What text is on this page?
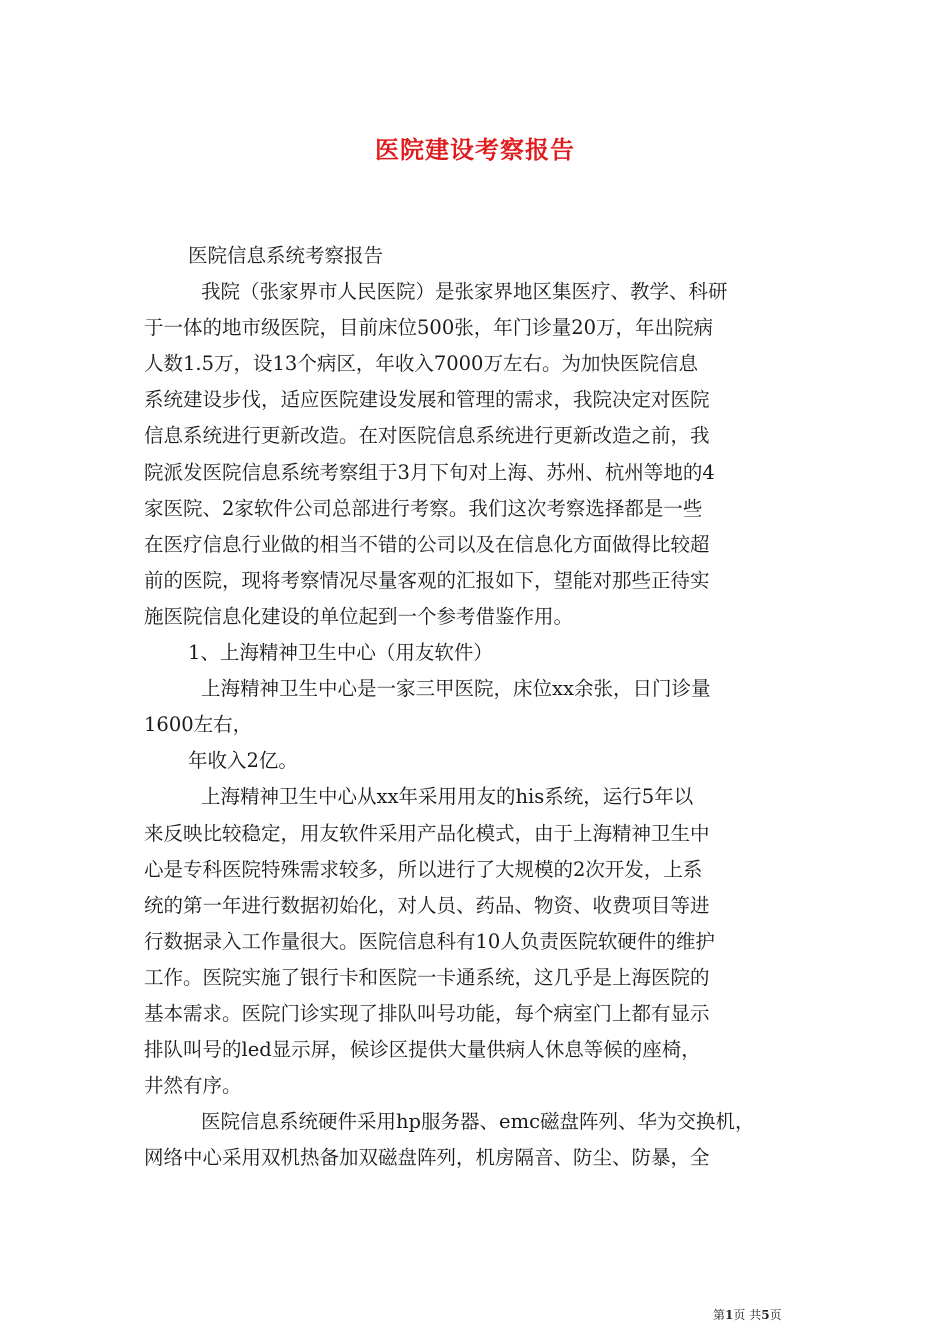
医院建设考察报告
医院信息系统考察报告
我院（张家界市人民医院）是张家界地区集医疗、教学、科研
于一体的地市级医院，目前床位500张，年门诊量20万，年出院病
人数1.5万，设13个病区，年收入7000万左右。为加快医院信息
系统建设步伐，适应医院建设发展和管理的需求，我院决定对医院
信息系统进行更新改造。在对医院信息系统进行更新改造之前，我
院派发医院信息系统考察组于3月下旬对上海、苏州、杭州等地的4
家医院、2家软件公司总部进行考察。我们这次考察选择都是一些
在医疗信息行业做的相当不错的公司以及在信息化方面做得比较超
前的医院，现将考察情况尽量客观的汇报如下，望能对那些正待实
施医院信息化建设的单位起到一个参考借鉴作用。
1、上海精神卫生中心（用友软件）
上海精神卫生中心是一家三甲医院，床位xx余张，日门诊量
1600左右，
年收入2亿。
上海精神卫生中心从xx年采用用友的his系统，运行5年以
来反映比较稳定，用友软件采用产品化模式，由于上海精神卫生中
心是专科医院特殊需求较多，所以进行了大规模的2次开发，上系
统的第一年进行数据初始化，对人员、药品、物资、收费项目等进
行数据录入工作量很大。医院信息科有10人负责医院软硬件的维护
工作。医院实施了银行卡和医院一卡通系统，这几乎是上海医院的
基本需求。医院门诊实现了排队叫号功能，每个病室门上都有显示
排队叫号的led显示屏，候诊区提供大量供病人休息等候的座椅，
井然有序。
医院信息系统硬件采用hp服务器、emc磁盘阵列、华为交换机，
网络中心采用双机热备加双磁盘阵列，机房隔音、防尘、防暴，全
第1页 共5页
